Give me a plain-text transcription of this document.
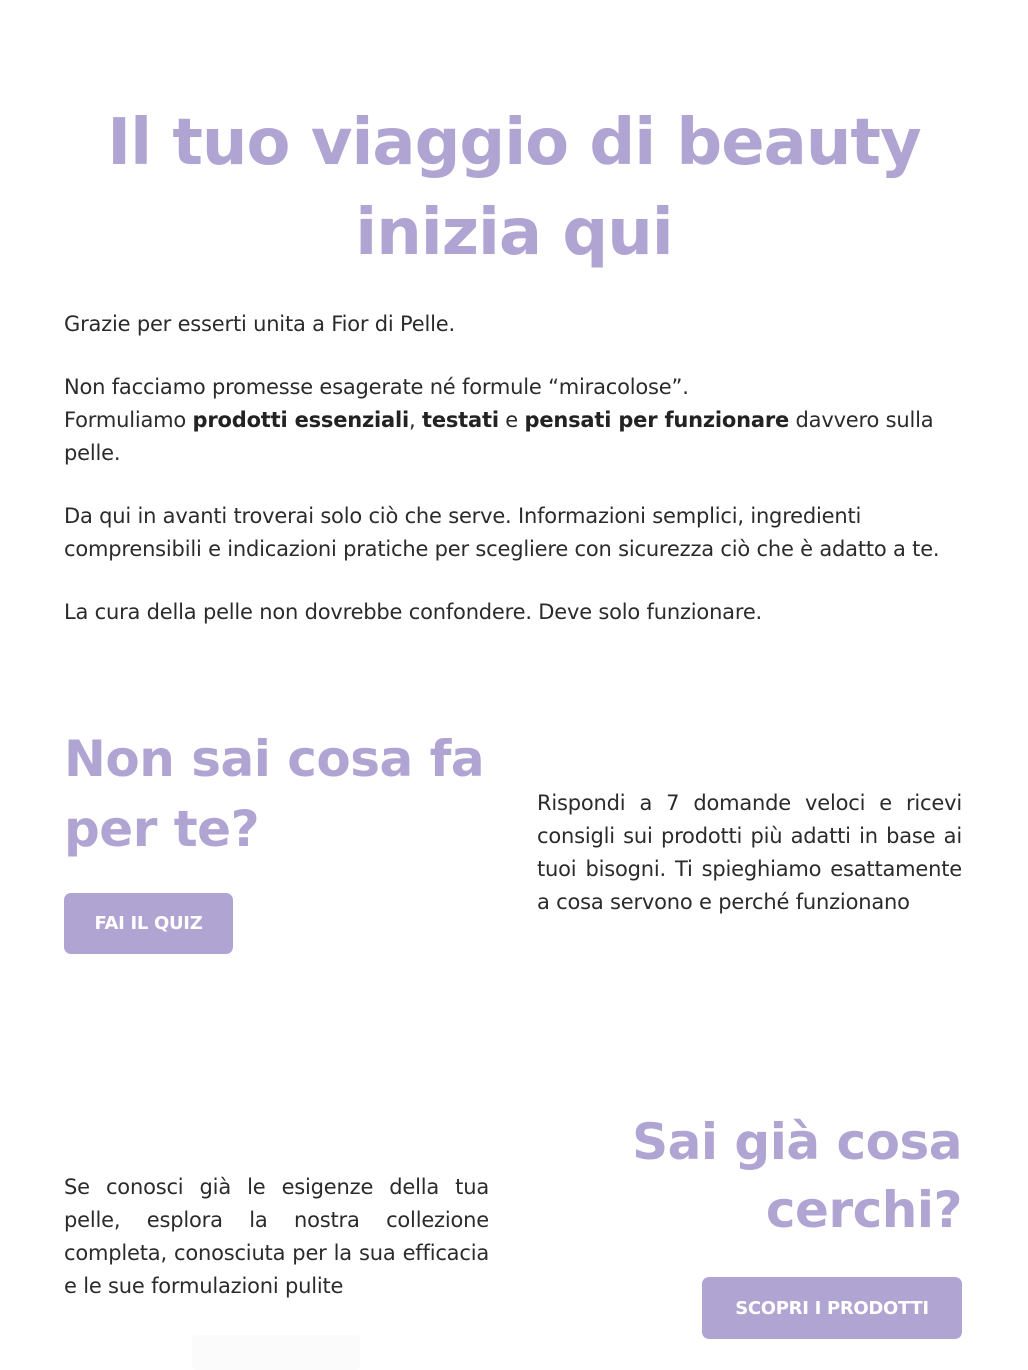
Il tuo viaggio di beauty inizia qui

Grazie per esserti unita a Fior di Pelle.

Non facciamo promesse esagerate né formule “miracolose”.
Formuliamo prodotti essenziali, testati e pensati per funzionare davvero sulla pelle.

Da qui in avanti troverai solo ciò che serve. Informazioni semplici, ingredienti comprensibili e indicazioni pratiche per scegliere con sicurezza ciò che è adatto a te.

La cura della pelle non dovrebbe confondere. Deve solo funzionare.

Non sai cosa fa per te?
FAI IL QUIZ

Rispondi a 7 domande veloci e ricevi consigli sui prodotti più adatti in base ai tuoi bisogni. Ti spieghiamo esattamente a cosa servono e perché funzionano

Sai già cosa cerchi?

Se conosci già le esigenze della tua pelle, esplora la nostra collezione completa, conosciuta per la sua efficacia e le sue formulazioni pulite

SCOPRI I PRODOTTI
